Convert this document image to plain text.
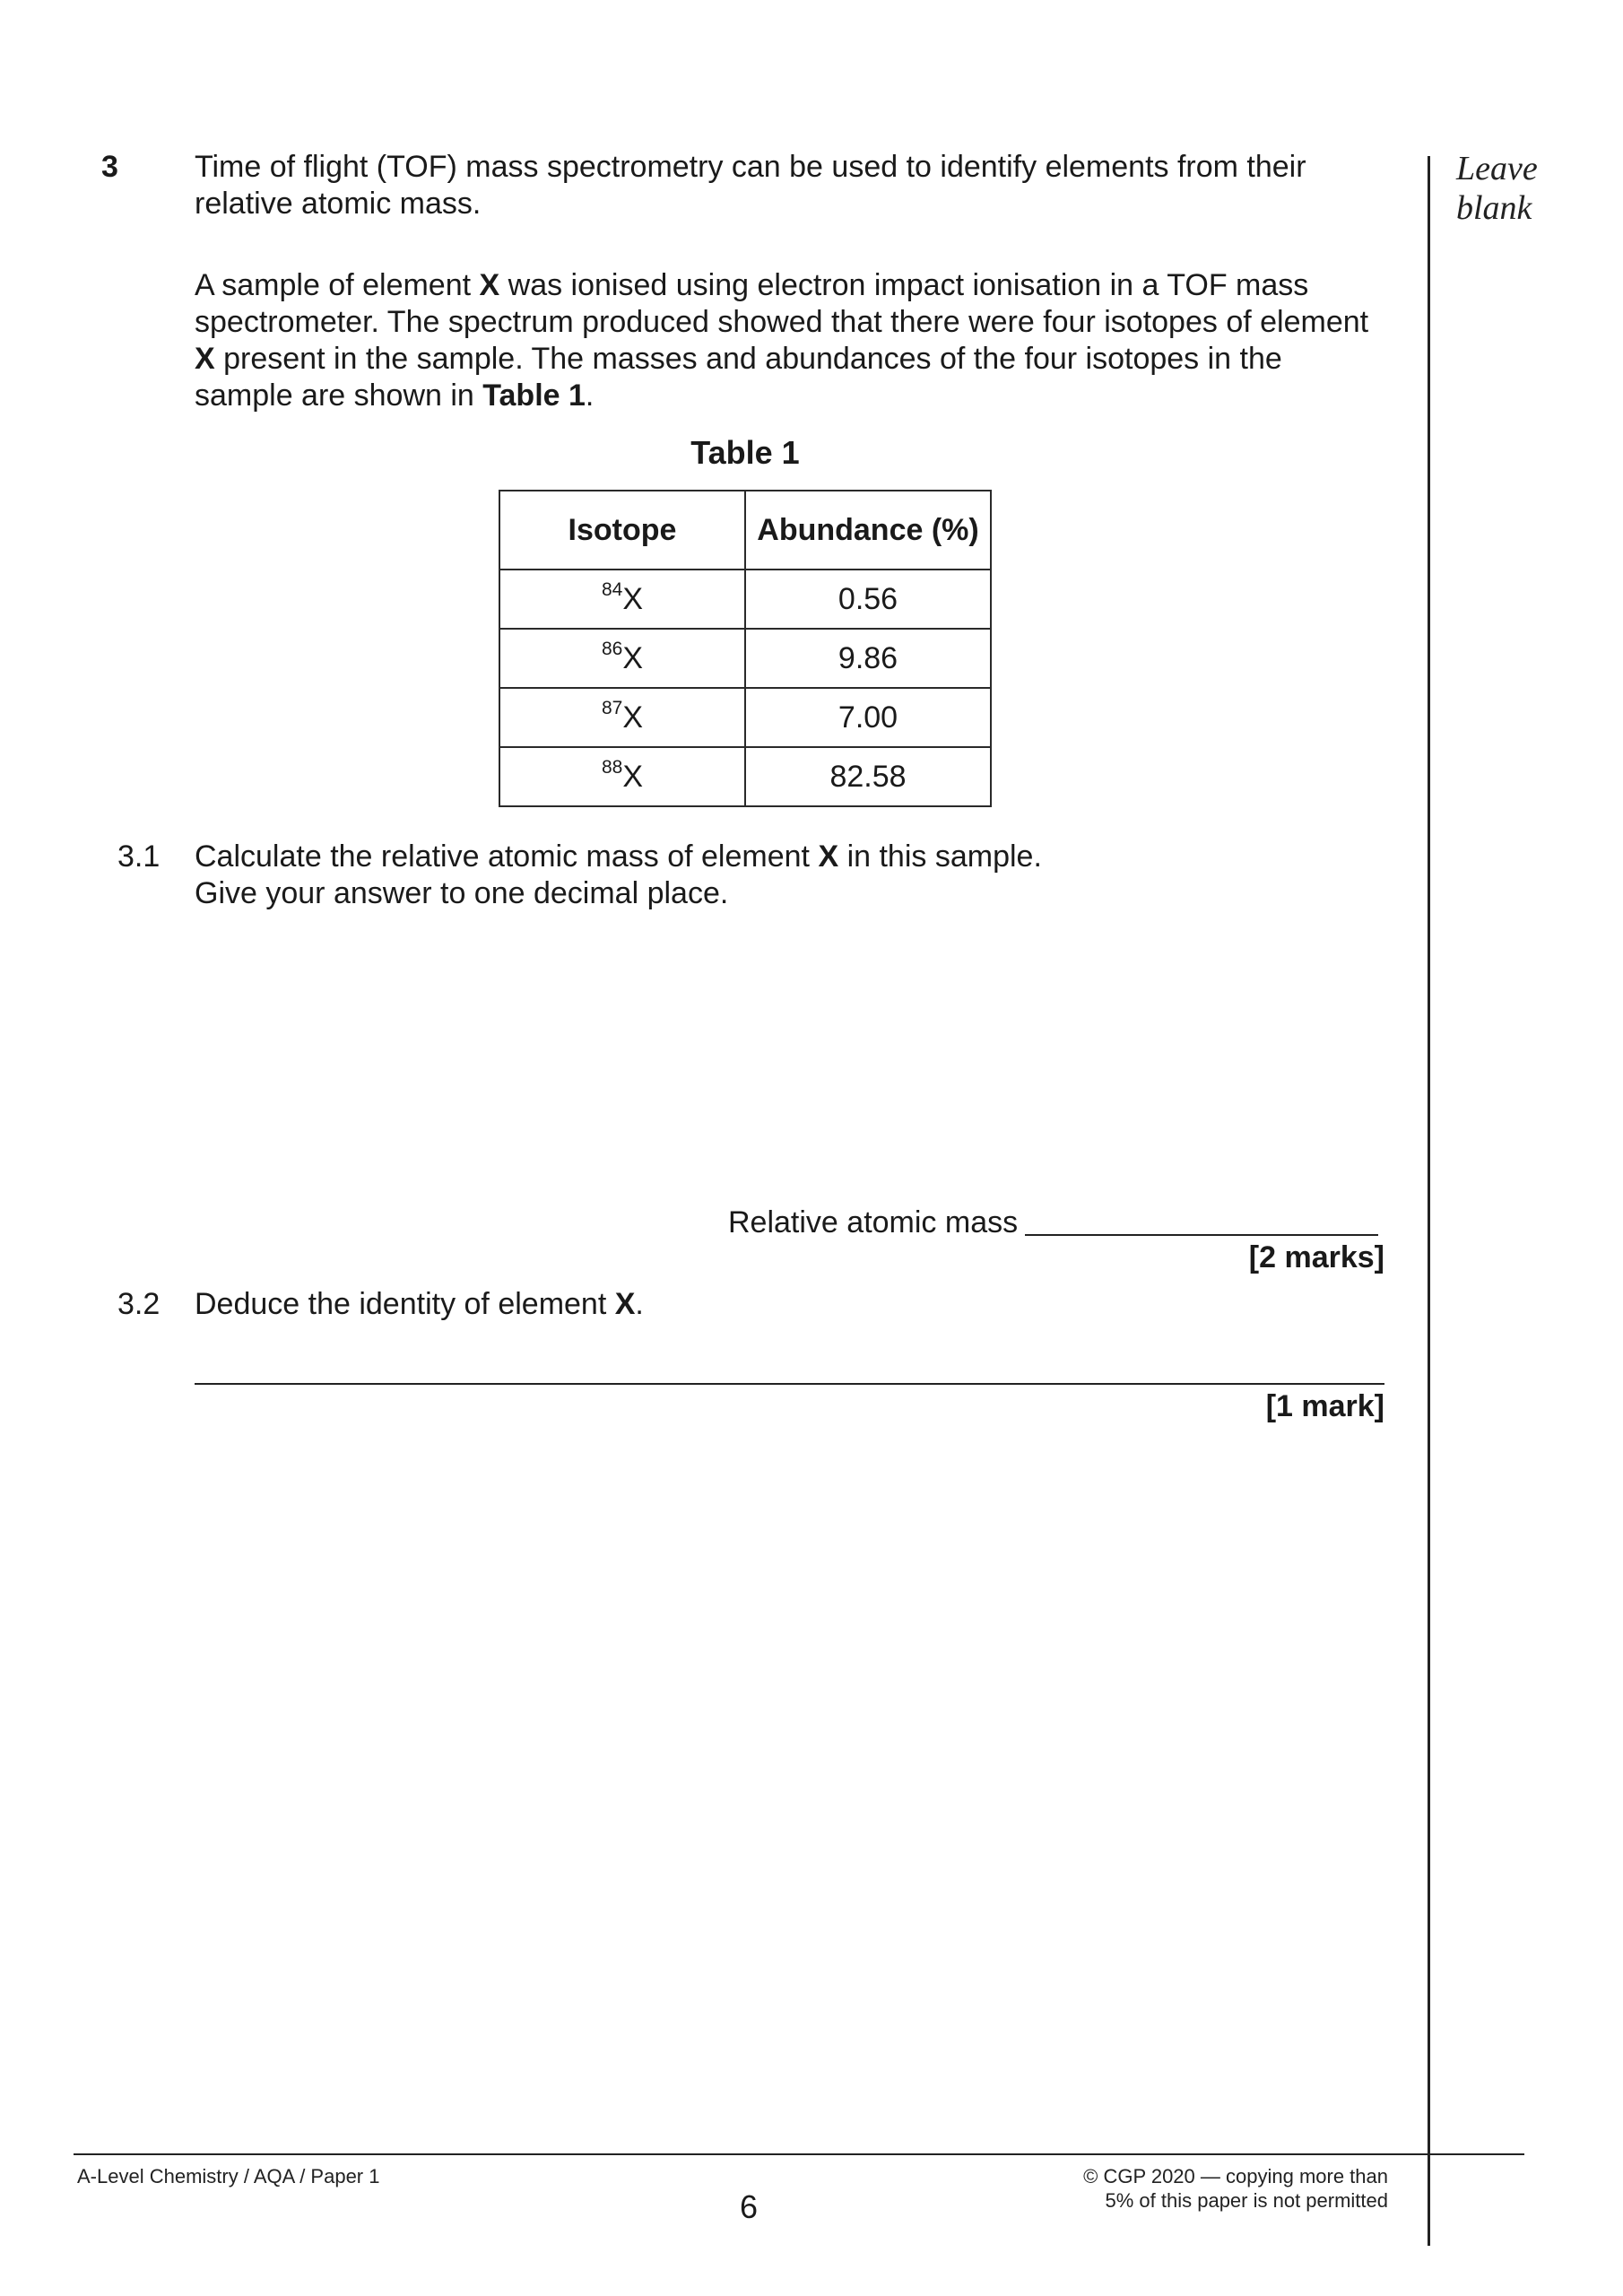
Leave
blank
3	Time of flight (TOF) mass spectrometry can be used to identify elements from their relative atomic mass.
A sample of element X was ionised using electron impact ionisation in a TOF mass spectrometer. The spectrum produced showed that there were four isotopes of element X present in the sample. The masses and abundances of the four isotopes in the sample are shown in Table 1.
Table 1
Isotope	Abundance (%)
$^{84}$X	0.56
$^{86}$X	9.86
$^{87}$X	7.00
$^{88}$X	82.58
3.1 Calculate the relative atomic mass of element X in this sample.
Give your answer to one decimal place.
Relative atomic mass
[2 marks]
3.2 Deduce the identity of element X.
[1 mark]
A-Level Chemistry / AQA / Paper 1
6
© CGP 2020 — copying more than
5% of this paper is not permitted
